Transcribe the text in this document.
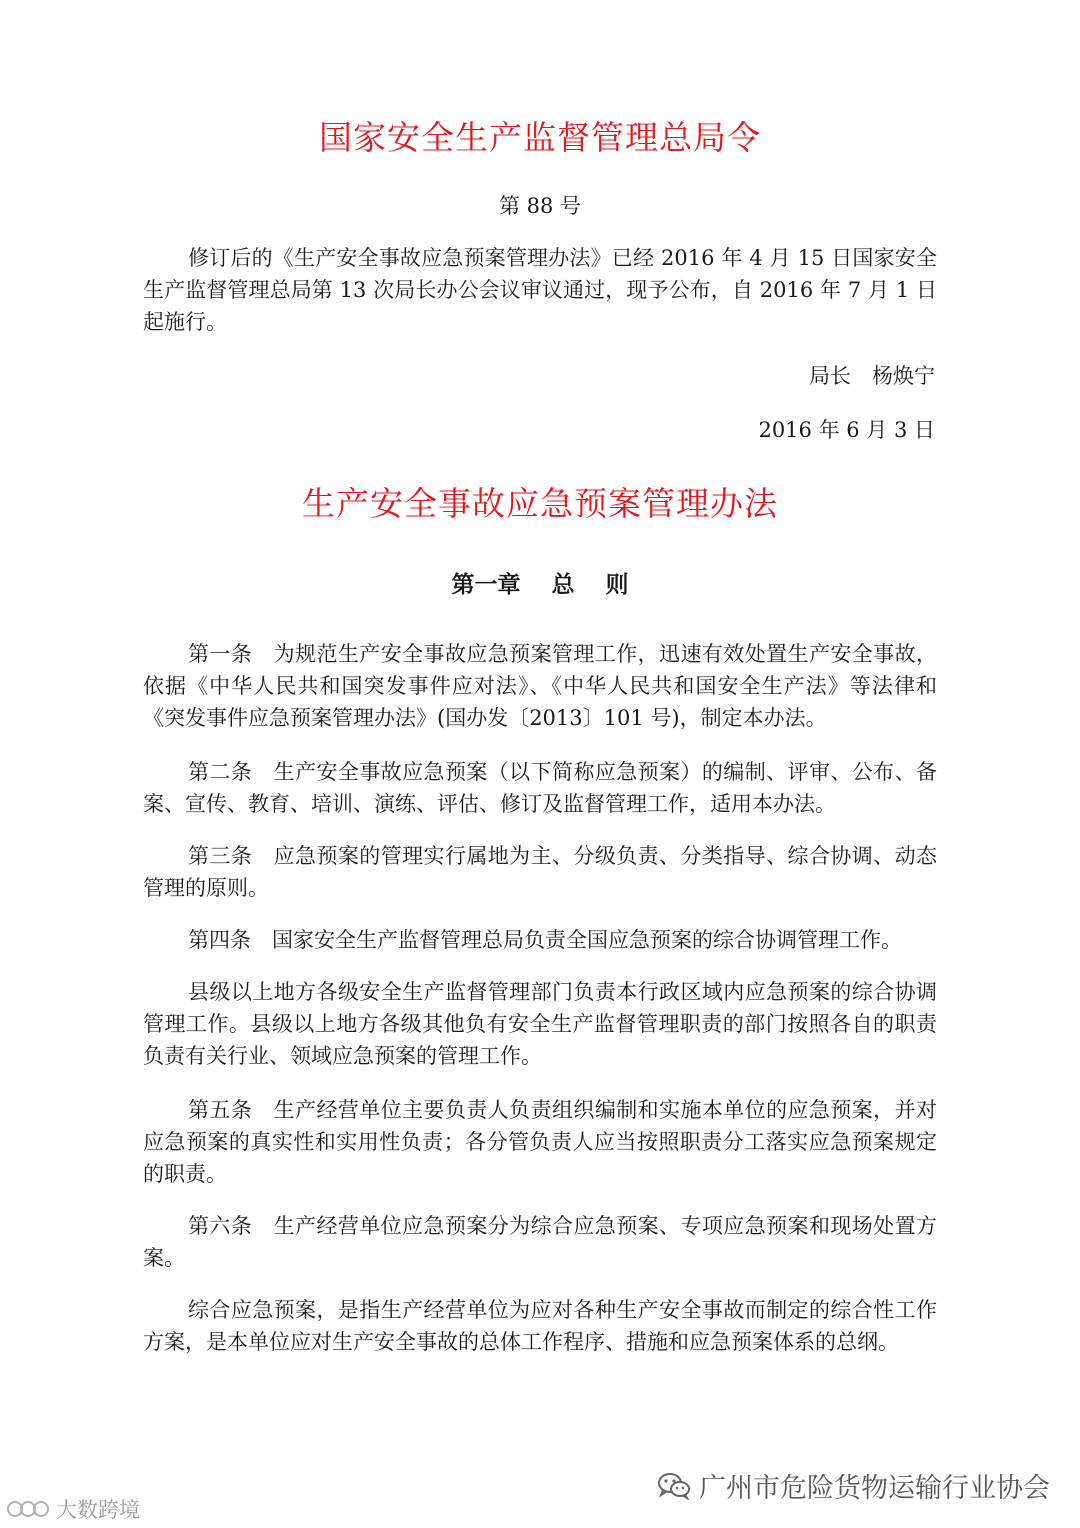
国家安全生产监督管理总局令
第 88 号
修订后的《生产安全事故应急预案管理办法》已经 2016 年 4 月 15 日国家安全生产监督管理总局第 13 次局长办公会议审议通过，现予公布，自 2016 年 7 月 1 日起施行。
局长　杨焕宁
2016 年 6 月 3 日
生产安全事故应急预案管理办法
第一章　 总　 则
第一条　为规范生产安全事故应急预案管理工作，迅速有效处置生产安全事故，依据《中华人民共和国突发事件应对法》、《中华人民共和国安全生产法》等法律和《突发事件应急预案管理办法》(国办发〔2013〕101 号)，制定本办法。
第二条　生产安全事故应急预案（以下简称应急预案）的编制、评审、公布、备案、宣传、教育、培训、演练、评估、修订及监督管理工作，适用本办法。
第三条　应急预案的管理实行属地为主、分级负责、分类指导、综合协调、动态管理的原则。
第四条　国家安全生产监督管理总局负责全国应急预案的综合协调管理工作。
县级以上地方各级安全生产监督管理部门负责本行政区域内应急预案的综合协调管理工作。县级以上地方各级其他负有安全生产监督管理职责的部门按照各自的职责负责有关行业、领域应急预案的管理工作。
第五条　生产经营单位主要负责人负责组织编制和实施本单位的应急预案，并对应急预案的真实性和实用性负责；各分管负责人应当按照职责分工落实应急预案规定的职责。
第六条　生产经营单位应急预案分为综合应急预案、专项应急预案和现场处置方案。
综合应急预案，是指生产经营单位为应对各种生产安全事故而制定的综合性工作方案，是本单位应对生产安全事故的总体工作程序、措施和应急预案体系的总纲。
广州市危险货物运输行业协会
大数跨境
